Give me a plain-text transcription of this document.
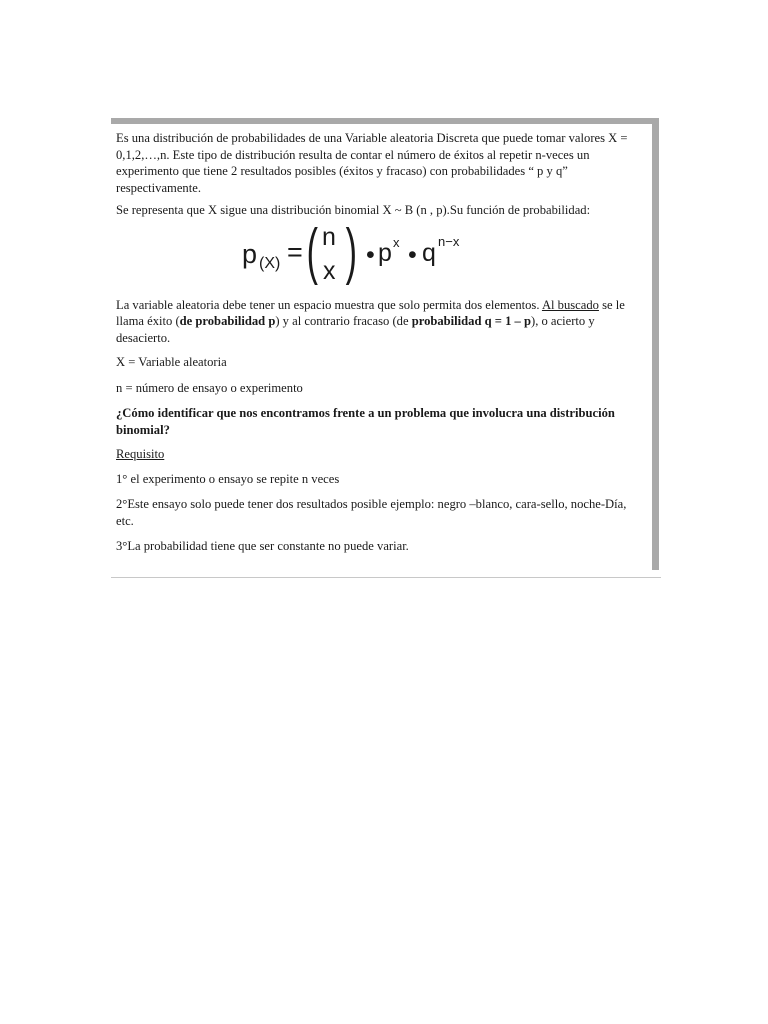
Es una distribución de probabilidades de una Variable aleatoria Discreta que puede tomar valores X = 0,1,2,…,n. Este tipo de distribución resulta de contar el número de éxitos al repetir n-veces un experimento que tiene 2 resultados posibles (éxitos y fracaso) con probabilidades “ p y q” respectivamente.

Se representa que X sigue una distribución binomial X ~ B (n , p).Su función de probabilidad:

p (X) = ( n
x ) • p x • q n−x

La variable aleatoria debe tener un espacio muestra que solo permita dos elementos. Al buscado se le llama éxito (de probabilidad p) y al contrario fracaso (de probabilidad q = 1 – p), o acierto y desacierto.

X = Variable aleatoria

n = número de ensayo o experimento

¿Cómo identificar que nos encontramos frente a un problema que involucra una distribución binomial?

Requisito

1° el experimento o ensayo se repite n veces

2°Este ensayo solo puede tener dos resultados posible ejemplo: negro –blanco, cara-sello, noche-Día, etc.

3°La probabilidad tiene que ser constante no puede variar.
